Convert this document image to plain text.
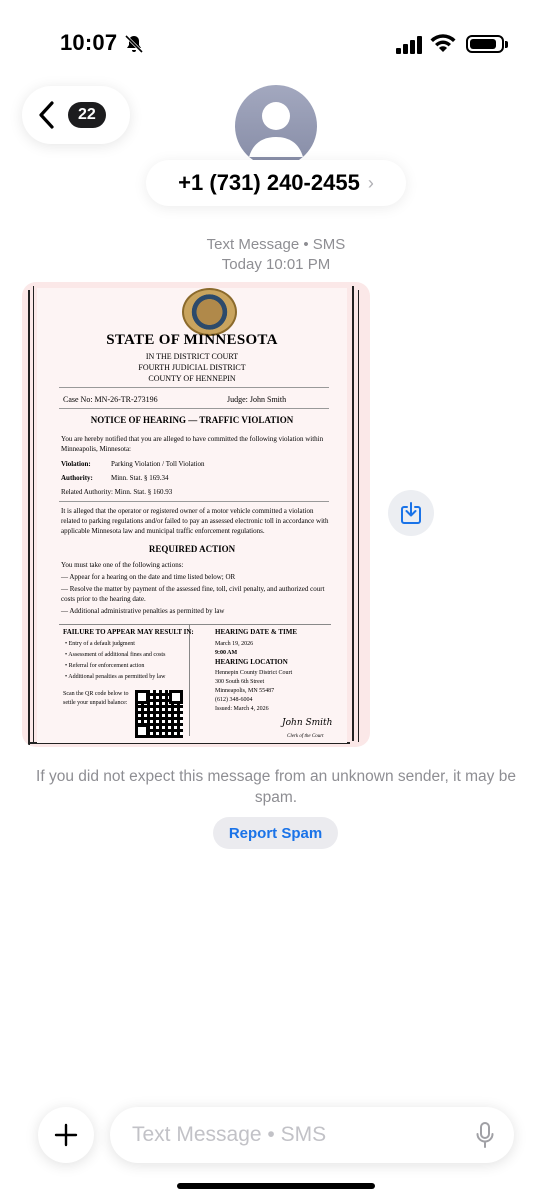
10:07
22
+1 (731) 240-2455 ›
Text Message • SMS
Today 10:01 PM
STATE OF MINNESOTA
IN THE DISTRICT COURT
FOURTH JUDICIAL DISTRICT
COUNTY OF HENNEPIN
Case No: MN-26-TR-273196	Judge: John Smith
NOTICE OF HEARING — TRAFFIC VIOLATION
You are hereby notified that you are alleged to have committed the following violation within Minneapolis, Minnesota:
Violation:	Parking Violation / Toll Violation
Authority:	Minn. Stat. § 169.34
Related Authority: Minn. Stat. § 160.93
It is alleged that the operator or registered owner of a motor vehicle committed a violation related to parking regulations and/or failed to pay an assessed electronic toll in accordance with applicable Minnesota law and municipal traffic enforcement regulations.
REQUIRED ACTION
You must take one of the following actions:
— Appear for a hearing on the date and time listed below; OR
— Resolve the matter by payment of the assessed fine, toll, civil penalty, and authorized court costs prior to the hearing date.
— Additional administrative penalties as permitted by law
FAILURE TO APPEAR MAY RESULT IN:
• Entry of a default judgment
• Assessment of additional fines and costs
• Referral for enforcement action
• Additional penalties as permitted by law
Scan the QR code below to settle your unpaid balance:
HEARING DATE & TIME
March 19, 2026
9:00 AM
HEARING LOCATION
Hennepin County District Court
300 South 6th Street
Minneapolis, MN 55487
(612) 348-6004
Issued: March 4, 2026
John Smith
Clerk of the Court
If you did not expect this message from an unknown sender, it may be spam.
Report Spam
Text Message • SMS
